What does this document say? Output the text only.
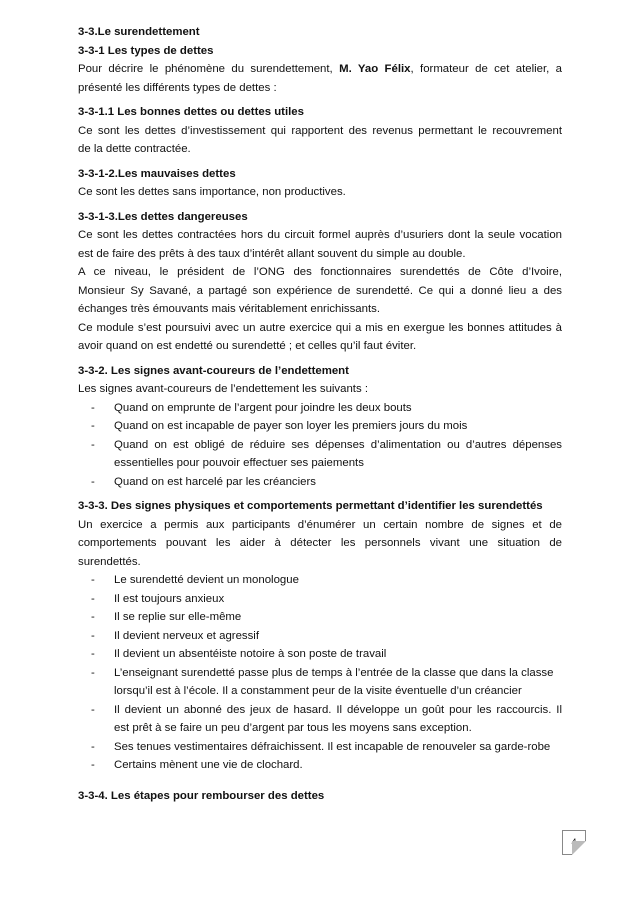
3-3.Le surendettement
3-3-1 Les types de dettes
Pour décrire le phénomène du surendettement, M. Yao Félix, formateur de cet atelier, a
présenté les différents types de dettes :
3-3-1.1 Les bonnes dettes ou dettes utiles
Ce sont les dettes d’investissement qui rapportent des revenus permettant le recouvrement
de la dette contractée.
3-3-1-2.Les mauvaises dettes
Ce sont les dettes sans importance, non productives.
3-3-1-3.Les dettes dangereuses
Ce sont les dettes contractées hors du circuit formel auprès d’usuriers dont la seule vocation
est de faire des prêts à des taux d’intérêt allant souvent du simple au double.
A ce niveau, le président de l’ONG des fonctionnaires surendettés de Côte d’Ivoire,
Monsieur Sy Savané, a partagé son expérience de surendetté. Ce qui a donné lieu a des
échanges très émouvants mais véritablement enrichissants.
Ce module s’est poursuivi avec un autre exercice qui a mis en exergue les bonnes attitudes à
avoir quand on est endetté ou surendetté ; et celles qu’il faut éviter.
3-3-2. Les signes avant-coureurs de l’endettement
Les signes avant-coureurs de l’endettement les suivants :
- Quand on emprunte de l’argent pour joindre les deux bouts
- Quand on est incapable de payer son loyer les premiers jours du mois
- Quand on est obligé de réduire ses dépenses d’alimentation ou d’autres dépenses
essentielles pour pouvoir effectuer ses paiements
- Quand on est harcelé par les créanciers
3-3-3. Des signes physiques et comportements permettant d’identifier les surendettés
Un exercice a permis aux participants d’énumérer un certain nombre de signes et de
comportements pouvant les aider à détecter les personnels vivant une situation de
surendettés.
- Le surendetté devient un monologue
- Il est toujours anxieux
- Il se replie sur elle-même
- Il devient nerveux et agressif
- Il devient un absentéiste notoire à son poste de travail
- L’enseignant surendetté passe plus de temps à l’entrée de la classe que dans la classe
lorsqu’il est à l’école. Il a constamment peur de la visite éventuelle d’un créancier
- Il devient un abonné des jeux de hasard. Il développe un goût pour les raccourcis. Il
est prêt à se faire un peu d’argent par tous les moyens sans exception.
- Ses tenues vestimentaires défraichissent. Il est incapable de renouveler sa garde-robe
- Certains mènent une vie de clochard.
3-3-4. Les étapes pour rembourser des dettes
4
